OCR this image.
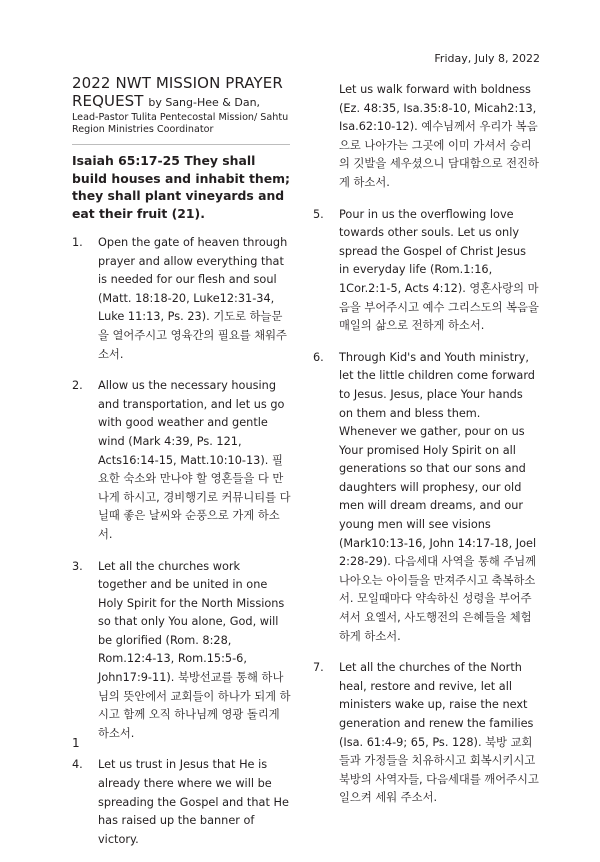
Friday, July 8, 2022
2022 NWT MISSION PRAYER REQUEST by Sang-Hee & Dan,
Lead-Pastor Tulita Pentecostal Mission/ Sahtu Region Ministries Coordinator

Isaiah 65:17-25 They shall build houses and inhabit them; they shall plant vineyards and eat their fruit (21).

1. Open the gate of heaven through prayer and allow everything that is needed for our flesh and soul (Matt. 18:18-20, Luke12:31-34, Luke 11:13, Ps. 23). 기도로 하늘문을 열어주시고 영육간의 필요를 채워주소서.
2. Allow us the necessary housing and transportation, and let us go with good weather and gentle wind (Mark 4:39, Ps. 121, Acts16:14-15, Matt.10:10-13). 필요한 숙소와 만나야 할 영혼들을 다 만나게 하시고, 경비행기로 커뮤니티를 다닐때 좋은 날씨와 순풍으로 가게 하소서.
3. Let all the churches work together and be united in one Holy Spirit for the North Missions so that only You alone, God, will be glorified (Rom. 8:28, Rom.12:4-13, Rom.15:5-6, John17:9-11). 북방선교를 통해 하나님의 뜻안에서 교회들이 하나가 되게 하시고 함께 오직 하나님께 영광 돌리게 하소서.
4. Let us trust in Jesus that He is already there where we will be spreading the Gospel and that He has raised up the banner of victory.

Let us walk forward with boldness (Ez. 48:35, Isa.35:8-10, Micah2:13, Isa.62:10-12). 예수님께서 우리가 복음으로 나아가는 그곳에 이미 가셔서 승리의 깃발을 세우셨으니 담대함으로 전진하게 하소서.

5. Pour in us the overflowing love towards other souls. Let us only spread the Gospel of Christ Jesus in everyday life (Rom.1:16, 1Cor.2:1-5, Acts 4:12). 영혼사랑의 마음을 부어주시고 예수 그리스도의 복음을 매일의 삶으로 전하게 하소서.
6. Through Kid's and Youth ministry, let the little children come forward to Jesus. Jesus, place Your hands on them and bless them. Whenever we gather, pour on us Your promised Holy Spirit on all generations so that our sons and daughters will prophesy, our old men will dream dreams, and our young men will see visions (Mark10:13-16, John 14:17-18, Joel 2:28-29). 다음세대 사역을 통해 주님께 나아오는 아이들을 만져주시고 축복하소서. 모일때마다 약속하신 성령을 부어주셔서 요엘서, 사도행전의 은혜들을 체험하게 하소서.
7. Let all the churches of the North heal, restore and revive, let all ministers wake up, raise the next generation and renew the families (Isa. 61:4-9; 65, Ps. 128). 북방 교회들과 가정들을 치유하시고 회복시키시고 북방의 사역자들, 다음세대를 깨어주시고 일으켜 세워 주소서.
1
